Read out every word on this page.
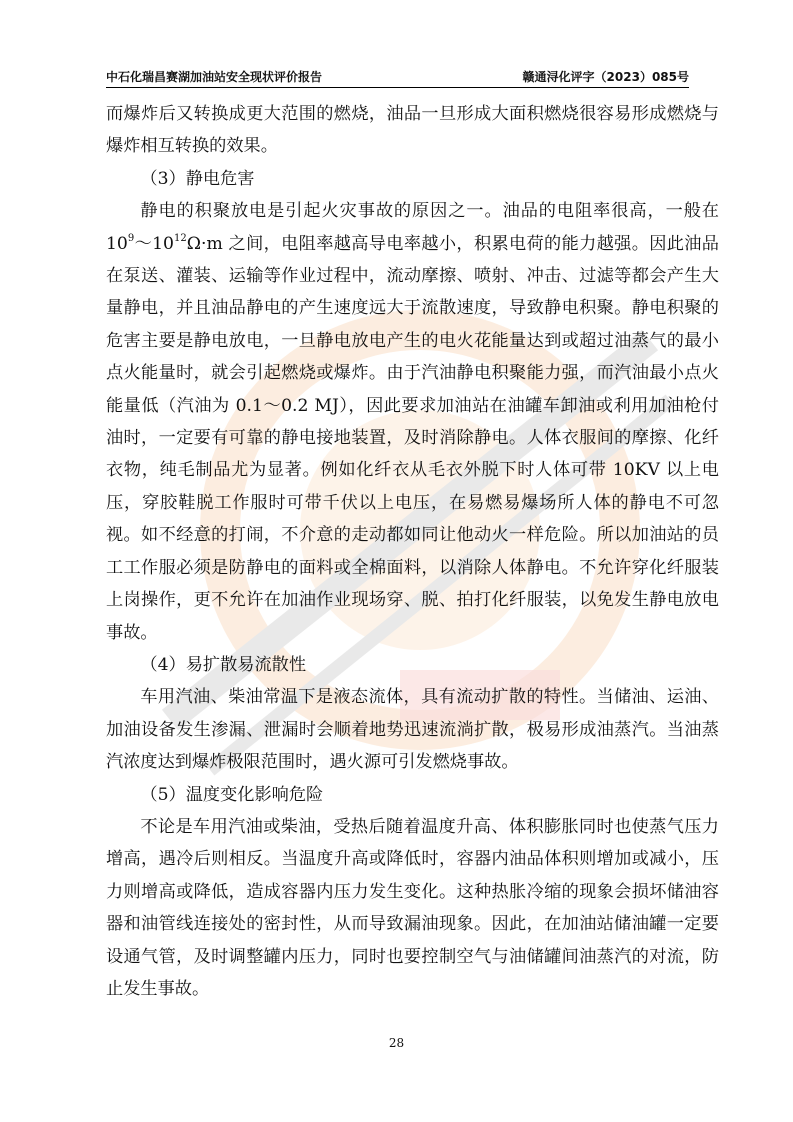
中石化瑞昌赛湖加油站安全现状评价报告	赣通浔化评字（2023）085号

而爆炸后又转换成更大范围的燃烧，油品一旦形成大面积燃烧很容易形成燃烧与爆炸相互转换的效果。

（3）静电危害

静电的积聚放电是引起火灾事故的原因之一。油品的电阻率很高，一般在 $10^9\sim 10^{12}\Omega\cdot m$ 之间，电阻率越高导电率越小，积累电荷的能力越强。因此油品在泵送、灌装、运输等作业过程中，流动摩擦、喷射、冲击、过滤等都会产生大量静电，并且油品静电的产生速度远大于流散速度，导致静电积聚。静电积聚的危害主要是静电放电，一旦静电放电产生的电火花能量达到或超过油蒸气的最小点火能量时，就会引起燃烧或爆炸。由于汽油静电积聚能力强，而汽油最小点火能量低（汽油为 0.1～0.2 MJ），因此要求加油站在油罐车卸油或利用加油枪付油时，一定要有可靠的静电接地装置，及时消除静电。人体衣服间的摩擦、化纤衣物，纯毛制品尤为显著。例如化纤衣从毛衣外脱下时人体可带 10KV 以上电压，穿胶鞋脱工作服时可带千伏以上电压，在易燃易爆场所人体的静电不可忽视。如不经意的打闹，不介意的走动都如同让他动火一样危险。所以加油站的员工工作服必须是防静电的面料或全棉面料，以消除人体静电。不允许穿化纤服装上岗操作，更不允许在加油作业现场穿、脱、拍打化纤服装，以免发生静电放电事故。

（4）易扩散易流散性

车用汽油、柴油常温下是液态流体，具有流动扩散的特性。当储油、运油、加油设备发生渗漏、泄漏时会顺着地势迅速流淌扩散，极易形成油蒸汽。当油蒸汽浓度达到爆炸极限范围时，遇火源可引发燃烧事故。

（5）温度变化影响危险

不论是车用汽油或柴油，受热后随着温度升高、体积膨胀同时也使蒸气压力增高，遇冷后则相反。当温度升高或降低时，容器内油品体积则增加或减小，压力则增高或降低，造成容器内压力发生变化。这种热胀冷缩的现象会损坏储油容器和油管线连接处的密封性，从而导致漏油现象。因此，在加油站储油罐一定要设通气管，及时调整罐内压力，同时也要控制空气与油储罐间油蒸汽的对流，防止发生事故。

28
